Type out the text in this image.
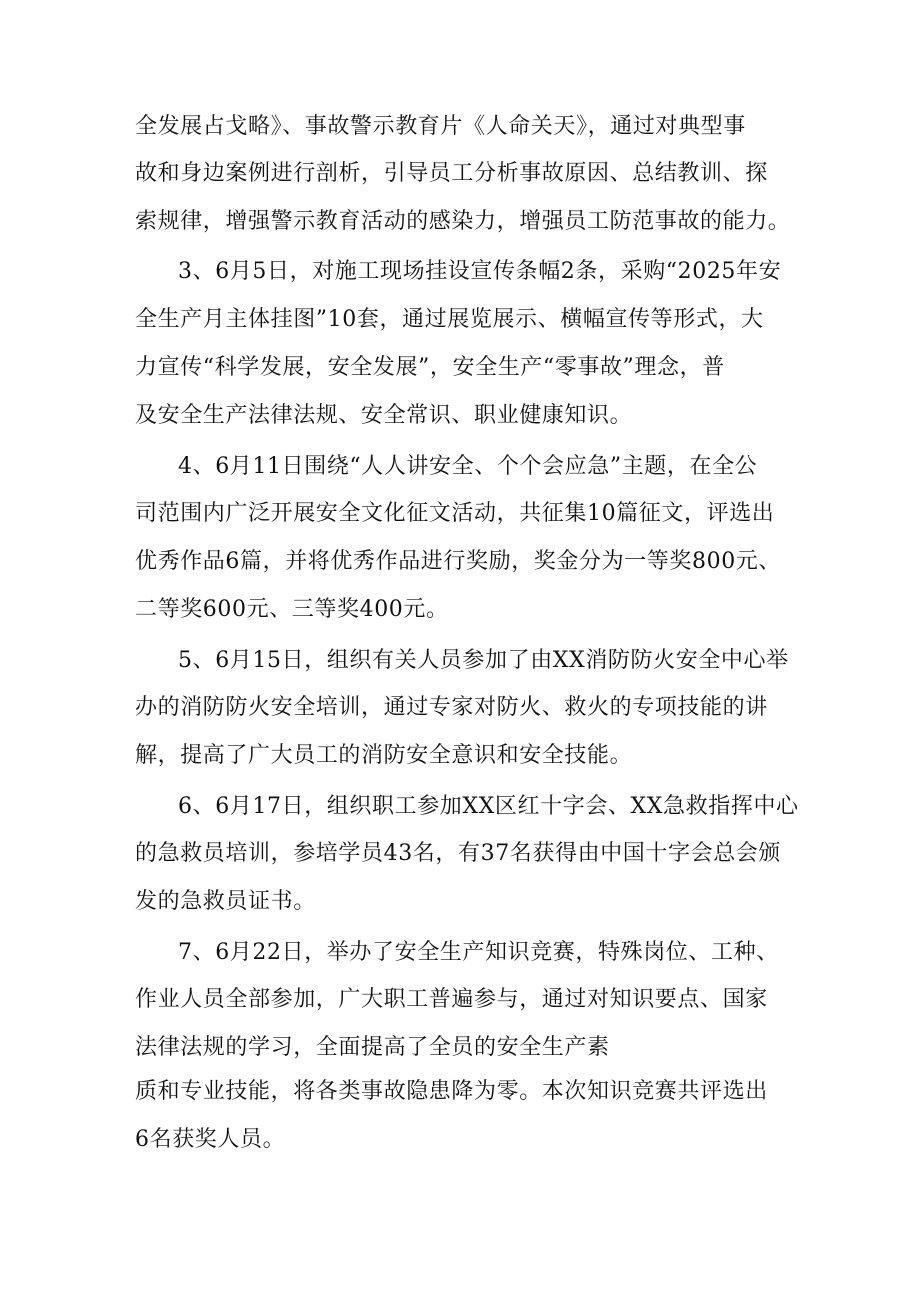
全发展占戈略》、事故警示教育片《人命关天》，通过对典型事
故和身边案例进行剖析，引导员工分析事故原因、总结教训、探
索规律，增强警示教育活动的感染力，增强员工防范事故的能力。
3、6月5日，对施工现场挂设宣传条幅2条，采购“2025年安
全生产月主体挂图”10套，通过展览展示、横幅宣传等形式，大
力宣传“科学发展，安全发展”，安全生产“零事故”理念，普
及安全生产法律法规、安全常识、职业健康知识。
4、6月11日围绕“人人讲安全、个个会应急”主题，在全公
司范围内广泛开展安全文化征文活动，共征集10篇征文，评选出
优秀作品6篇，并将优秀作品进行奖励，奖金分为一等奖800元、
二等奖600元、三等奖400元。
5、6月15日，组织有关人员参加了由XX消防防火安全中心举
办的消防防火安全培训，通过专家对防火、救火的专项技能的讲
解，提高了广大员工的消防安全意识和安全技能。
6、6月17日，组织职工参加XX区红十字会、XX急救指挥中心
的急救员培训，参培学员43名，有37名获得由中国十字会总会颁
发的急救员证书。
7、6月22日，举办了安全生产知识竞赛，特殊岗位、工种、
作业人员全部参加，广大职工普遍参与，通过对知识要点、国家
法律法规的学习，全面提高了全员的安全生产素
质和专业技能，将各类事故隐患降为零。本次知识竞赛共评选出
6名获奖人员。
